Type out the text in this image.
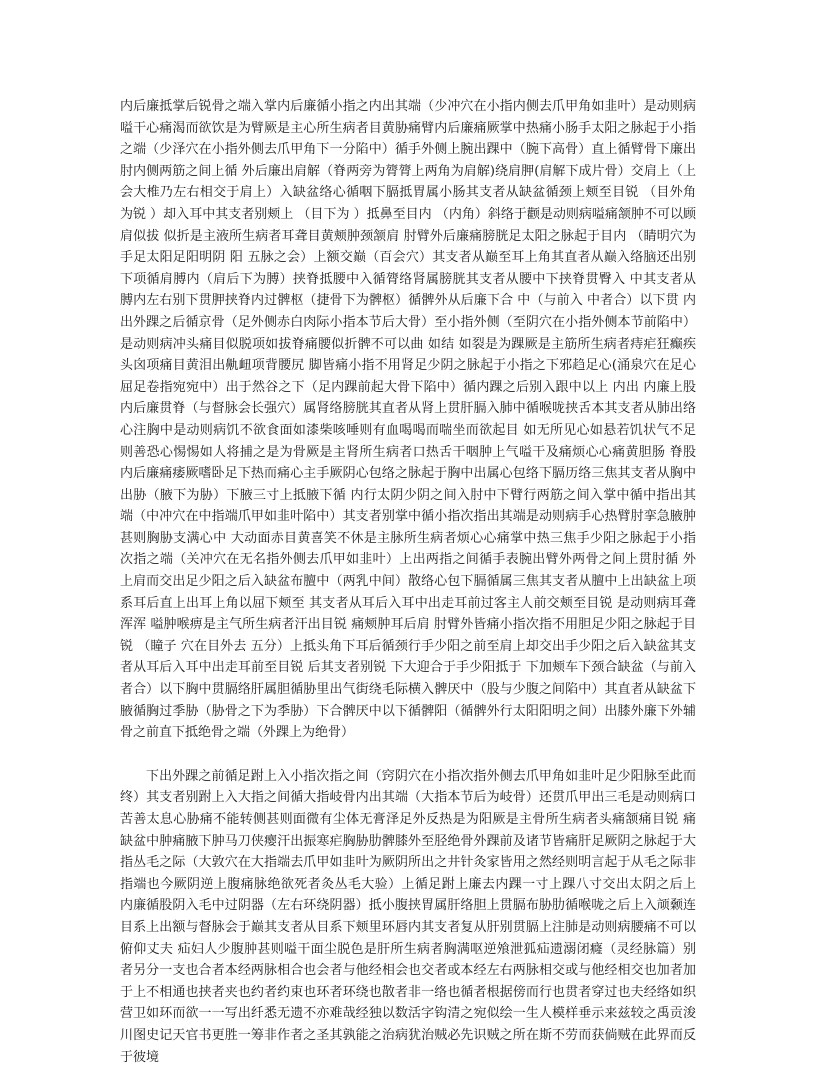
内后廉抵掌后锐骨之端入掌内后廉循小指之内出其端（少冲穴在小指内侧去爪甲角如韭叶）是动则病嗌干心痛渴而欲饮是为臂厥是主心所生病者目黄胁痛臂内后廉痛厥掌中热痛小肠手太阳之脉起于小指之端（少泽穴在小指外侧去爪甲角下一分陷中）循手外侧上腕出踝中（腕下高骨）直上循臂骨下廉出肘内侧两筋之间上循 外后廉出肩解（脊两旁为膂膂上两角为肩解)绕肩胛(肩解下成片骨）交肩上（上会大椎乃左右相交于肩上）入缺盆络心循咽下膈抵胃属小肠其支者从缺盆循颈上颊至目锐 （目外角为锐 ）却入耳中其支者别颊上 （目下为 ）抵鼻至目内 （内角）斜络于颧是动则病嗌痛颔肿不可以顾肩似拔 似折是主液所生病者耳聋目黄颊肿颈颔肩 肘臂外后廉痛膀胱足太阳之脉起于目内 （睛明穴为手足太阳足阳明阴 阳 五脉之会）上额交巅（百会穴）其支者从巅至耳上角其直者从巅入络脑还出别下项循肩膊内（肩后下为膊）挟脊抵腰中入循膂络肾属膀胱其支者从腰中下挟脊贯臀入 中其支者从膊内左右别下贯胛挟脊内过髀枢（捷骨下为髀枢）循髀外从后廉下合 中（与前入 中者合）以下贯 内出外踝之后循京骨（足外侧赤白肉际小指本节后大骨）至小指外侧（至阴穴在小指外侧本节前陷中）是动则病冲头痛目似脱项如拔脊痛腰似折髀不可以曲 如结 如裂是为踝厥是主筋所生病者痔疟狂癫疾头囟项痛目黄泪出鼽衄项背腰尻 脚皆痛小指不用肾足少阴之脉起于小指之下邪趋足心(涌泉穴在足心屈足卷指宛宛中）出于然谷之下（足内踝前起大骨下陷中）循内踝之后别入跟中以上 内出 内廉上股内后廉贯脊（与督脉会长强穴）属肾络膀胱其直者从肾上贯肝膈入肺中循喉咙挟舌本其支者从肺出络心注胸中是动则病饥不欲食面如漆柴咳唾则有血喝喝而喘坐而欲起目 如无所见心如悬若饥状气不足则善恐心惕惕如人将捕之是为骨厥是主肾所生病者口热舌干咽肿上气嗌干及痛烦心心痛黄胆肠 脊股内后廉痛痿厥嗜卧足下热而痛心主手厥阴心包络之脉起于胸中出属心包络下膈历络三焦其支者从胸中出胁（腋下为胁）下腋三寸上抵腋下循 内行太阴少阴之间入肘中下臂行两筋之间入掌中循中指出其端（中冲穴在中指端爪甲如韭叶陷中）其支者别掌中循小指次指出其端是动则病手心热臂肘挛急腋肿甚则胸胁支满心中 大动面赤目黄喜笑不休是主脉所生病者烦心心痛掌中热三焦手少阳之脉起于小指次指之端（关冲穴在无名指外侧去爪甲如韭叶）上出两指之间循手表腕出臂外两骨之间上贯肘循 外上肩而交出足少阳之后入缺盆布膻中（两乳中间）散络心包下膈循属三焦其支者从膻中上出缺盆上项系耳后直上出耳上角以屈下颊至 其支者从耳后入耳中出走耳前过客主人前交颊至目锐 是动则病耳聋浑浑 嗌肿喉痹是主气所生病者汗出目锐 痛颊肿耳后肩 肘臂外皆痛小指次指不用胆足少阳之脉起于目锐 （瞳子 穴在目外去 五分）上抵头角下耳后循颈行手少阳之前至肩上却交出手少阳之后入缺盆其支者从耳后入耳中出走耳前至目锐 后其支者别锐 下大迎合于手少阳抵于 下加颊车下颈合缺盆（与前入者合）以下胸中贯膈络肝属胆循胁里出气街绕毛际横入髀厌中（股与少腹之间陷中）其直者从缺盆下腋循胸过季胁（胁骨之下为季胁）下合髀厌中以下循髀阳（循髀外行太阳阳明之间）出膝外廉下外辅骨之前直下抵绝骨之端（外踝上为绝骨）

下出外踝之前循足跗上入小指次指之间（窍阴穴在小指次指外侧去爪甲角如韭叶足少阳脉至此而终）其支者别跗上入大指之间循大指岐骨内出其端（大指本节后为岐骨）还贯爪甲出三毛是动则病口苦善太息心胁痛不能转侧甚则面微有尘体无膏泽足外反热是为阳厥是主骨所生病者头痛颔痛目锐 痛缺盆中肿痛腋下肿马刀侠瘿汗出振寒疟胸胁肋髀膝外至胫绝骨外踝前及诸节皆痛肝足厥阴之脉起于大指丛毛之际（大敦穴在大指端去爪甲如韭叶为厥阴所出之井针灸家皆用之然经则明言起于从毛之际非指端也今厥阴逆上腹痛脉绝欲死者灸丛毛大验）上循足跗上廉去内踝一寸上踝八寸交出太阴之后上 内廉循股阴入毛中过阴器（左右环绕阴器）抵小腹挟胃属肝络胆上贯膈布胁肋循喉咙之后上入颃颡连目系上出额与督脉会于巅其支者从目系下颊里环唇内其支者复从肝别贯膈上注肺是动则病腰痛不可以俯仰丈夫 疝妇人少腹肿甚则嗌干面尘脱色是肝所生病者胸满呕逆飧泄狐疝遗溺闭癃（灵经脉篇）别者另分一支也合者本经两脉相合也会者与他经相会也交者或本经左右两脉相交或与他经相交也加者加于上不相通也挟者夹也约者约束也环者环绕也散者非一络也循者根据傍而行也贯者穿过也夫经络如织营卫如环而欲一一写出纤悉无遗不亦难哉经独以数活字钩清之宛似绘一生人模样垂示来兹较之禹贡浚川图史记天官书更胜一筹非作者之圣其孰能之治病犹治贼必先识贼之所在斯不劳而获倘贼在此界而反于彼境
